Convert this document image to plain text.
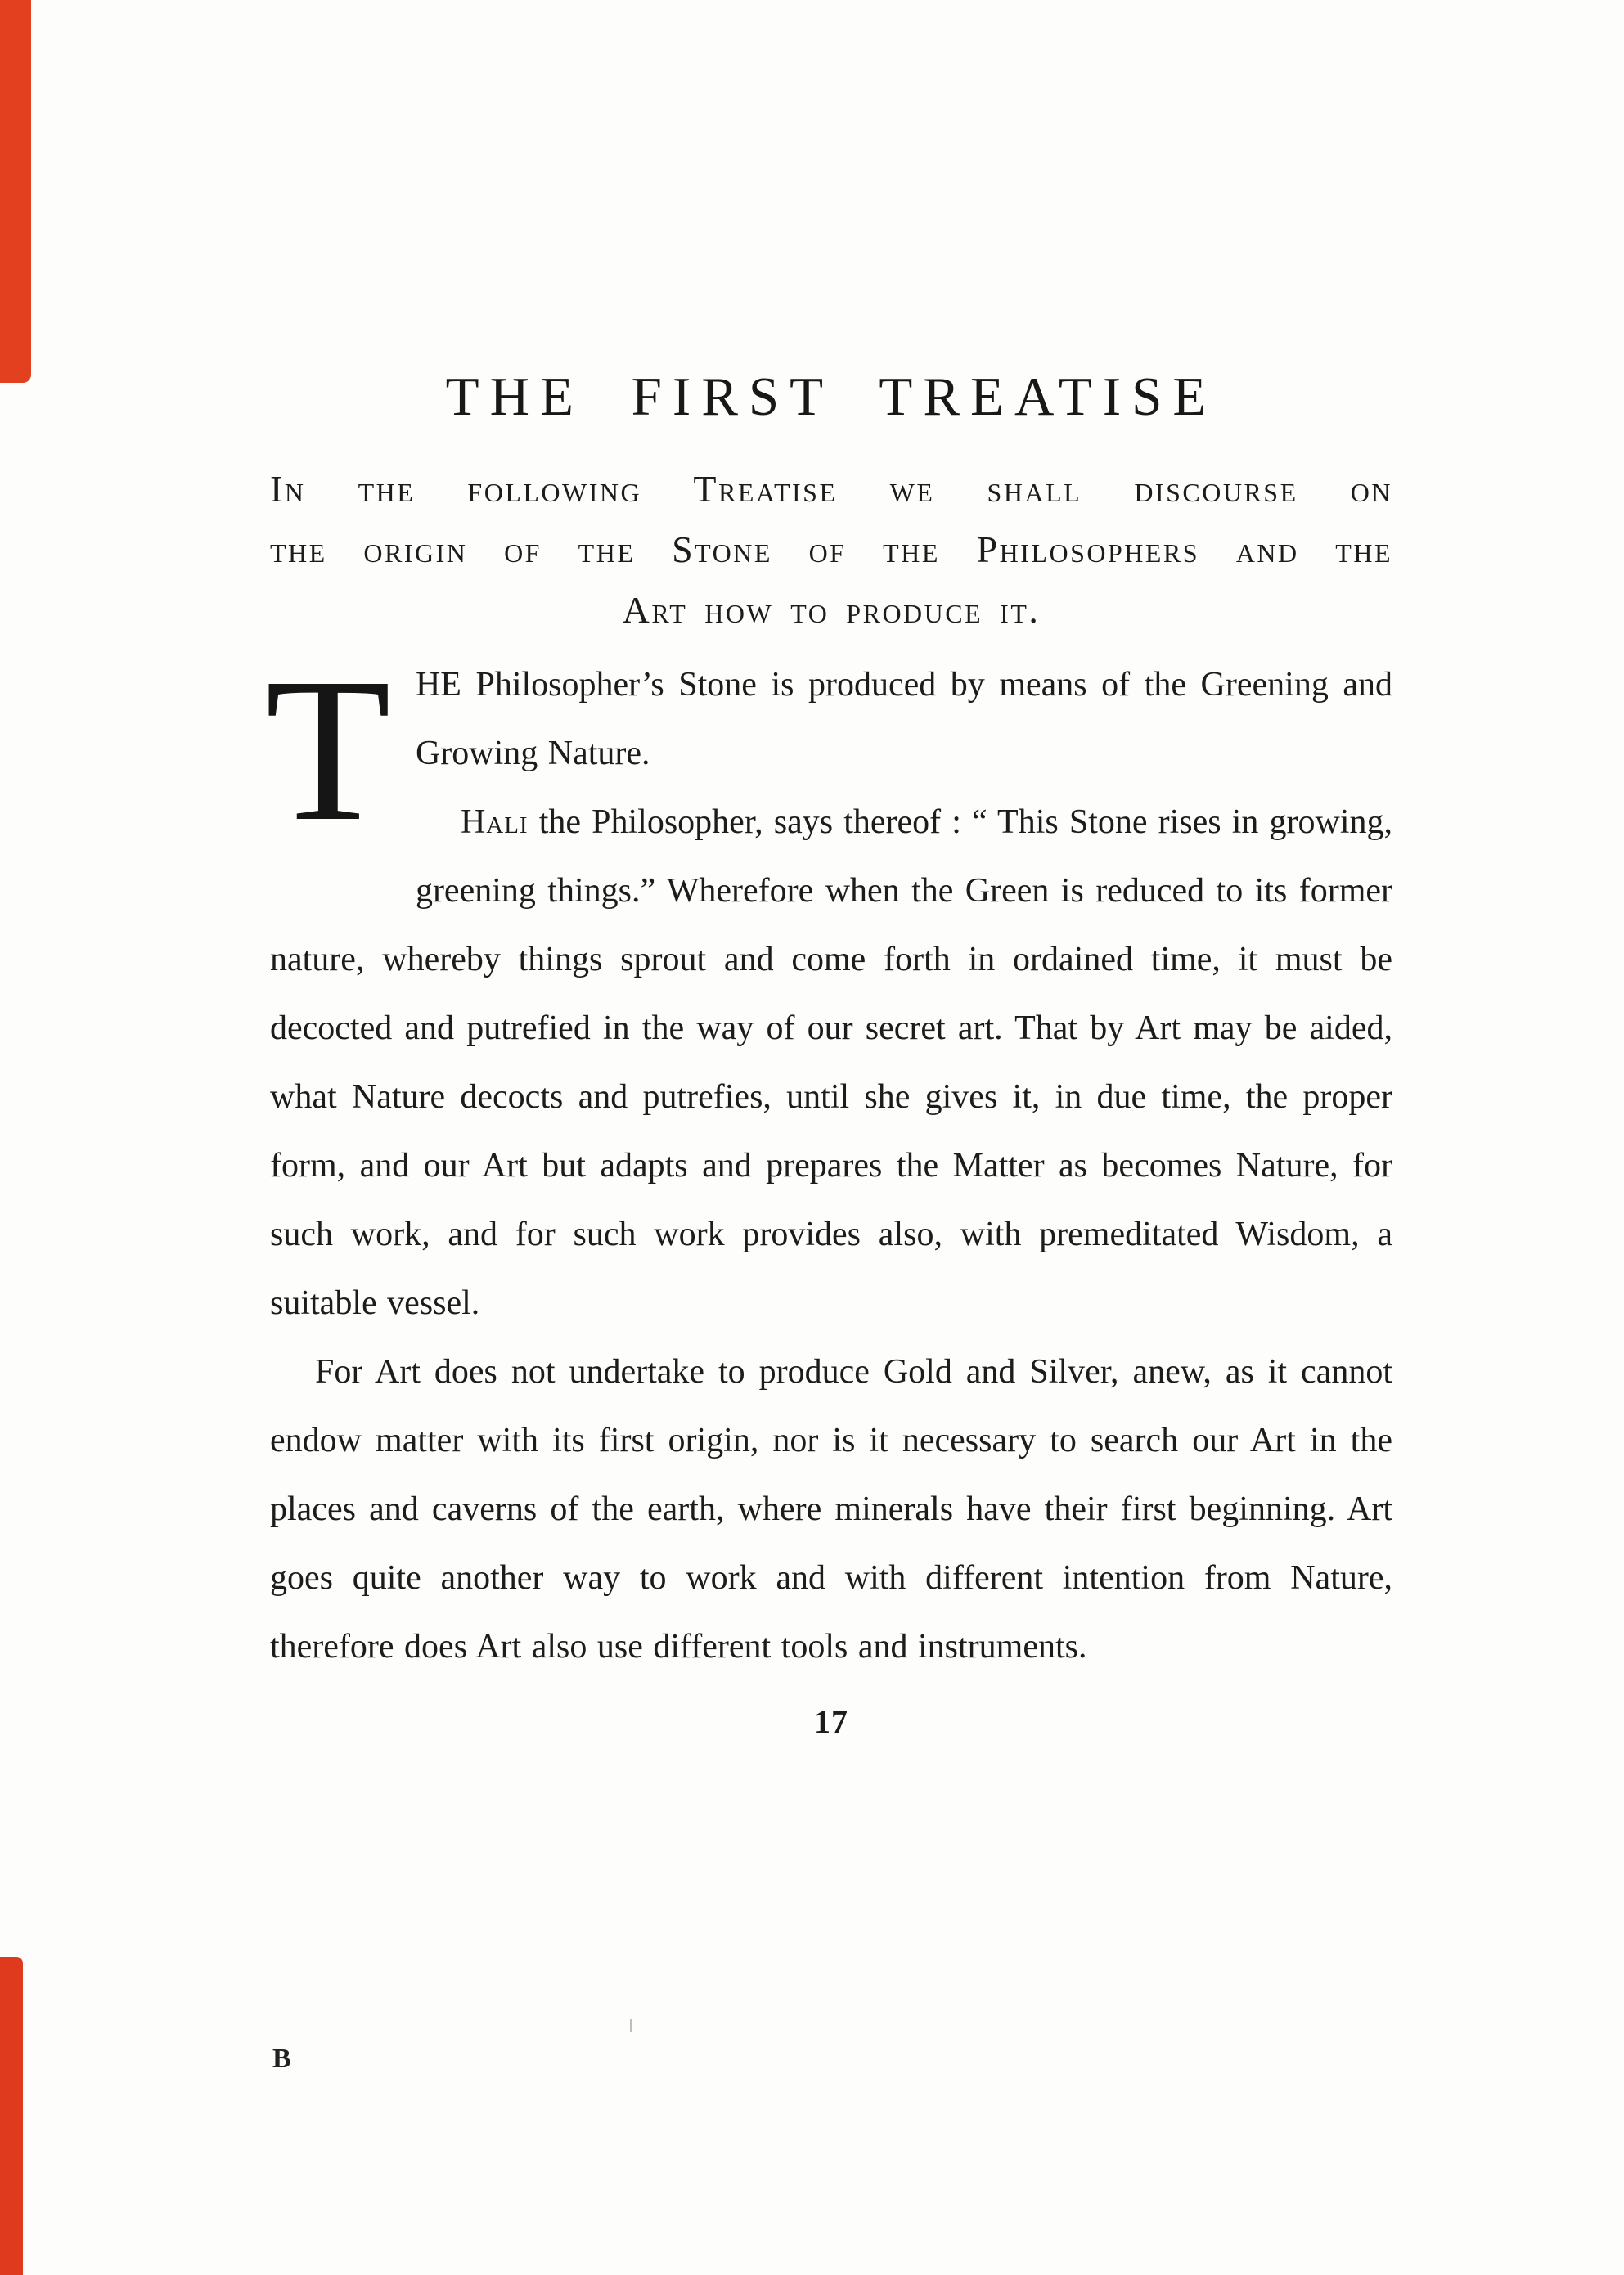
THE FIRST TREATISE
In the following Treatise we shall discourse on
the origin of the Stone of the Philosophers and the
Art how to produce it.
T HE Philosopher’s Stone is produced by means of the Greening and Growing Nature.

Hali the Philosopher, says thereof : “ This Stone rises in growing, greening things.” Wherefore when the Green is reduced to its former nature, whereby things sprout and come forth in ordained time, it must be decocted and putrefied in the way of our secret art. That by Art may be aided, what Nature decocts and putrefies, until she gives it, in due time, the proper form, and our Art but adapts and prepares the Matter as becomes Nature, for such work, and for such work provides also, with premeditated Wisdom, a suitable vessel.

For Art does not undertake to produce Gold and Silver, anew, as it cannot endow matter with its first origin, nor is it necessary to search our Art in the places and caverns of the earth, where minerals have their first beginning. Art goes quite another way to work and with different intention from Nature, therefore does Art also use different tools and instruments.

17
B
